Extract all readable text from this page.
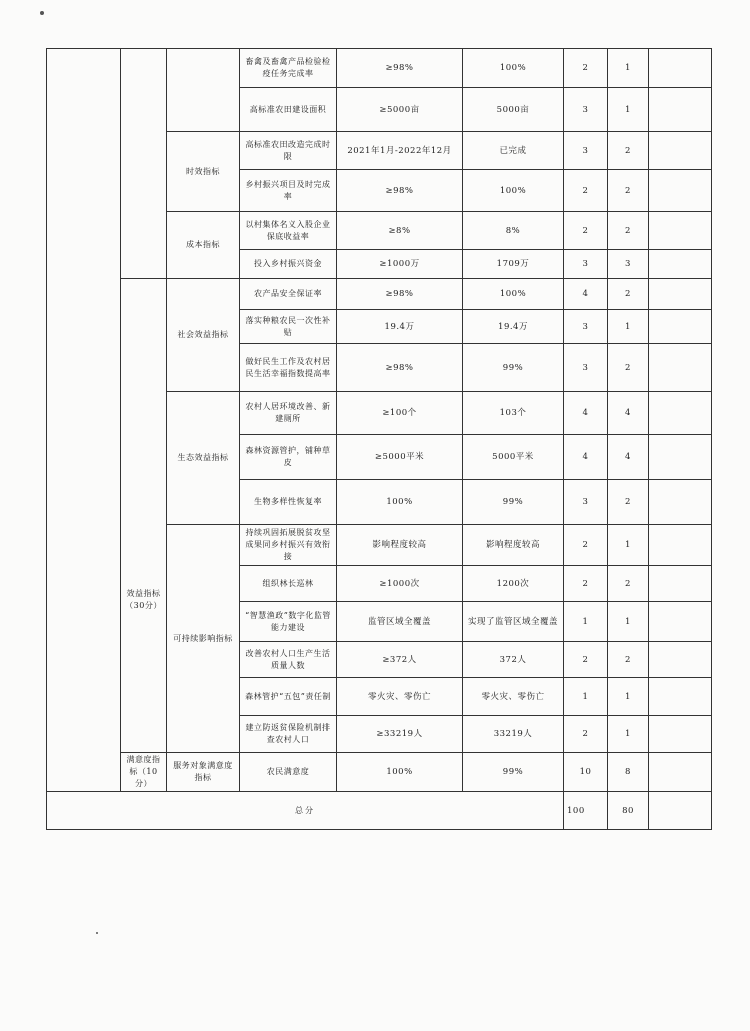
			畜禽及畜禽产品检验检疫任务完成率	≥98%	100%	2	1	
			高标准农田建设面积	≥5000亩	5000亩	3	1	
		时效指标	高标准农田改造完成时限	2021年1月-2022年12月	已完成	3	2	
			乡村振兴项目及时完成率	≥98%	100%	2	2	
		成本指标	以村集体名义入股企业保底收益率	≥8%	8%	2	2	
			投入乡村振兴资金	≥1000万	1709万	3	3	
	效益指标（30分）	社会效益指标	农产品安全保证率	≥98%	100%	4	2	
			落实种粮农民一次性补贴	19.4万	19.4万	3	1	
			做好民生工作及农村居民生活幸福指数提高率	≥98%	99%	3	2	
		生态效益指标	农村人居环境改善、新建厕所	≥100个	103个	4	4	
			森林资源管护，铺种草皮	≥5000平米	5000平米	4	4	
			生物多样性恢复率	100%	99%	3	2	
		可持续影响指标	持续巩固拓展脱贫攻坚成果同乡村振兴有效衔接	影响程度较高	影响程度较高	2	1	
			组织林长巡林	≥1000次	1200次	2	2	
			“智慧渔政”数字化监管能力建设	监管区域全覆盖	实现了监管区域全覆盖	1	1	
			改善农村人口生产生活质量人数	≥372人	372人	2	2	
			森林管护“五包”责任制	零火灾、零伤亡	零火灾、零伤亡	1	1	
			建立防返贫保险机制排查农村人口	≥33219人	33219人	2	1	
	满意度指标（10分）	服务对象满意度指标	农民满意度	100%	99%	10	8	
总分						100	80	
